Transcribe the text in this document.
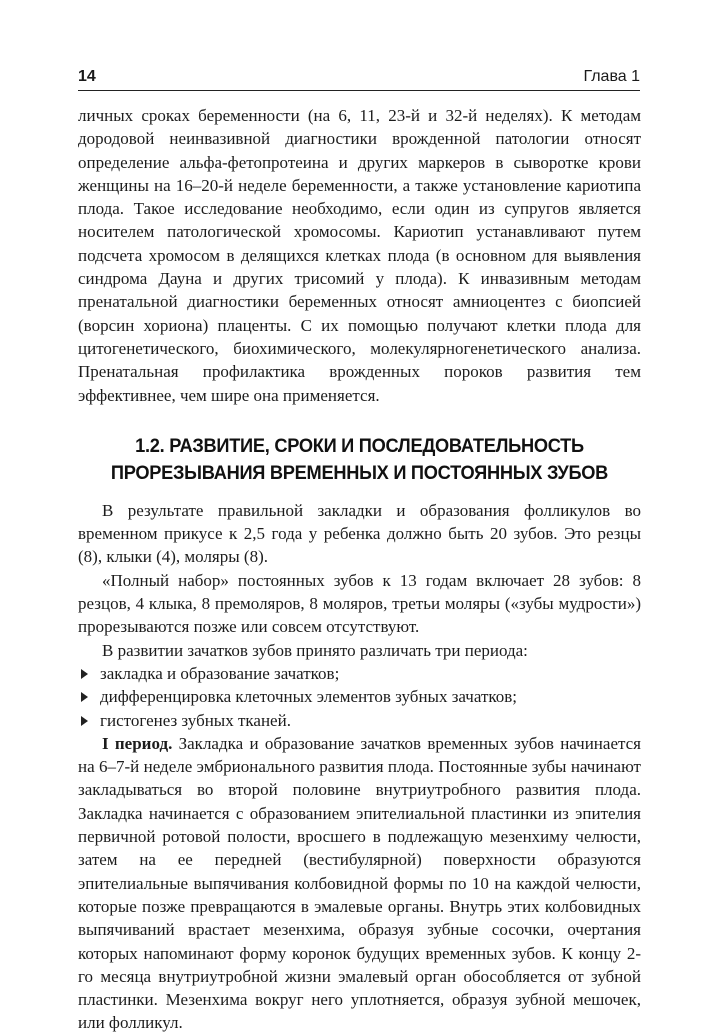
14	Глава 1

личных сроках беременности (на 6, 11, 23-й и 32-й неделях). К методам дородовой неинвазивной диагностики врожденной патологии относят определение альфа-фетопротеина и других маркеров в сыворотке крови женщины на 16–20-й неделе беременности, а также установление кариотипа плода. Такое исследование необходимо, если один из супругов является носителем патологической хромосомы. Кариотип устанавливают путем подсчета хромосом в делящихся клетках плода (в основном для выявления синдрома Дауна и других трисомий у плода). К инвазивным методам пренатальной диагностики беременных относят амниоцентез с биопсией (ворсин хориона) плаценты. С их помощью получают клетки плода для цитогенетического, биохимического, молекулярногенетического анализа. Пренатальная профилактика врожденных пороков развития тем эффективнее, чем шире она применяется.

1.2. РАЗВИТИЕ, СРОКИ И ПОСЛЕДОВАТЕЛЬНОСТЬ
ПРОРЕЗЫВАНИЯ ВРЕМЕННЫХ И ПОСТОЯННЫХ ЗУБОВ

В результате правильной закладки и образования фолликулов во временном прикусе к 2,5 года у ребенка должно быть 20 зубов. Это резцы (8), клыки (4), моляры (8).

«Полный набор» постоянных зубов к 13 годам включает 28 зубов: 8 резцов, 4 клыка, 8 премоляров, 8 моляров, третьи моляры («зубы мудрости») прорезываются позже или совсем отсутствуют.

В развитии зачатков зубов принято различать три периода:

закладка и образование зачатков;
дифференцировка клеточных элементов зубных зачатков;
гистогенез зубных тканей.

I период. Закладка и образование зачатков временных зубов начинается на 6–7-й неделе эмбрионального развития плода. Постоянные зубы начинают закладываться во второй половине внутриутробного развития плода. Закладка начинается с образованием эпителиальной пластинки из эпителия первичной ротовой полости, вросшего в подлежащую мезенхиму челюсти, затем на ее передней (вестибулярной) поверхности образуются эпителиальные выпячивания колбовидной формы по 10 на каждой челюсти, которые позже превращаются в эмалевые органы. Внутрь этих колбовидных выпячиваний врастает мезенхима, образуя зубные сосочки, очертания которых напоминают форму коронок будущих временных зубов. К концу 2-го месяца внутриутробной жизни эмалевый орган обособляется от зубной пластинки. Мезенхима вокруг него уплотняется, образуя зубной мешочек, или фолликул.
